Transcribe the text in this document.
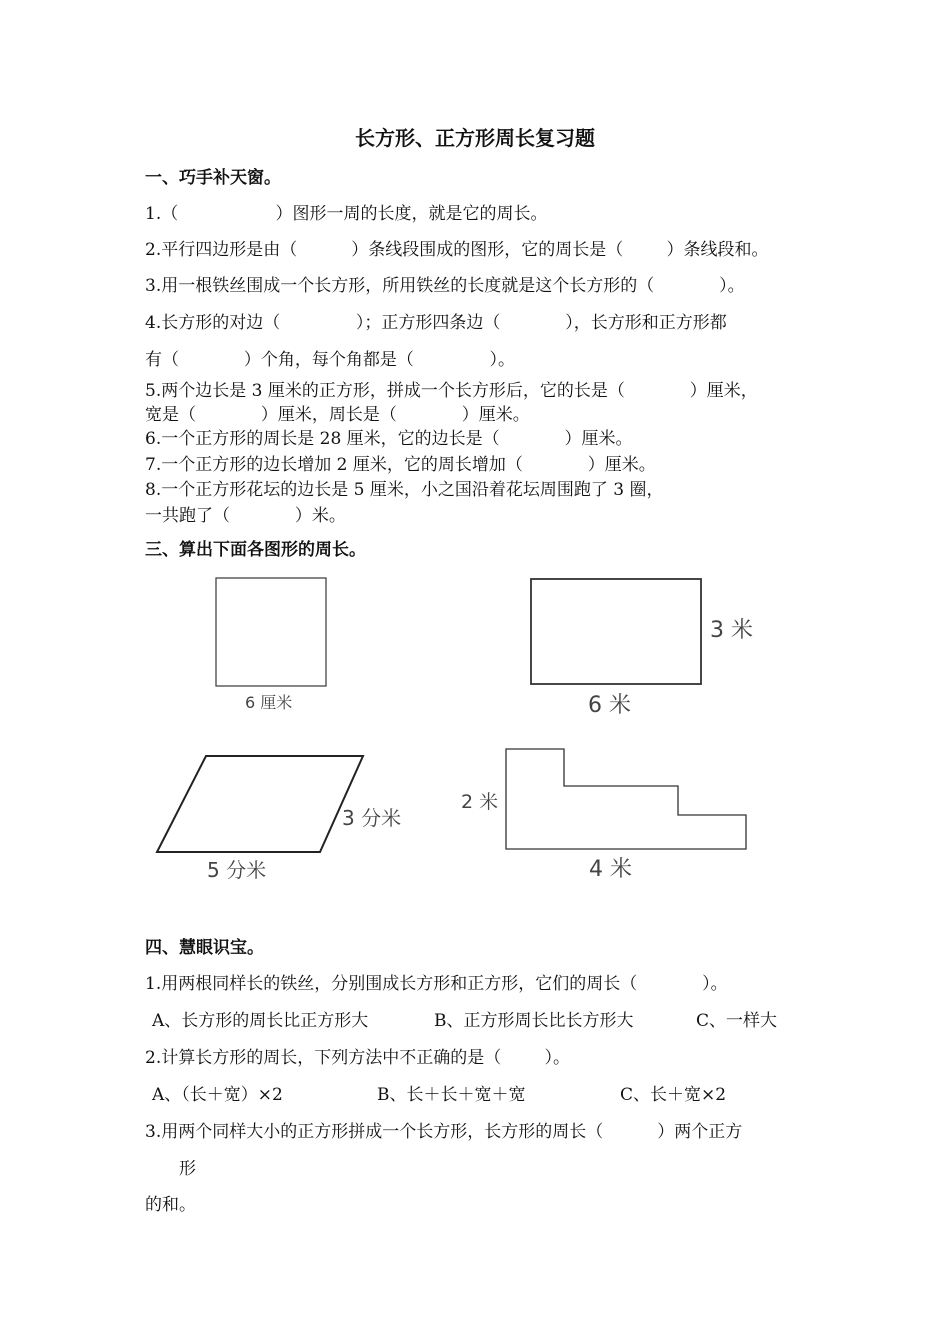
长方形、正方形周长复习题
一、巧手补天窗。
1.（                  ）图形一周的长度，就是它的周长。
2.平行四边形是由（          ）条线段围成的图形，它的周长是（        ）条线段和。
3.用一根铁丝围成一个长方形，所用铁丝的长度就是这个长方形的（            ）。
4.长方形的对边（              ）；正方形四条边（            ），长方形和正方形都
有（            ）个角，每个角都是（              ）。
5.两个边长是 3 厘米的正方形，拼成一个长方形后，它的长是（            ）厘米，
宽是（            ）厘米，周长是（            ）厘米。
6.一个正方形的周长是 28 厘米，它的边长是（            ）厘米。
7.一个正方形的边长增加 2 厘米，它的周长增加（            ）厘米。
8.一个正方形花坛的边长是 5 厘米，小之国沿着花坛周围跑了 3 圈，
一共跑了（            ）米。
三、算出下面各图形的周长。
6 厘米
3 米
6 米
3 分米
5 分米
2 米
4 米
四、慧眼识宝。
1.用两根同样长的铁丝，分别围成长方形和正方形，它们的周长（            ）。
A、长方形的周长比正方形大	B、正方形周长比长方形大	C、一样大
2.计算长方形的周长，下列方法中不正确的是（        ）。
A、（长＋宽）×2	B、长＋长＋宽＋宽	C、长＋宽×2
3.用两个同样大小的正方形拼成一个长方形，长方形的周长（          ）两个正方
形
的和。
